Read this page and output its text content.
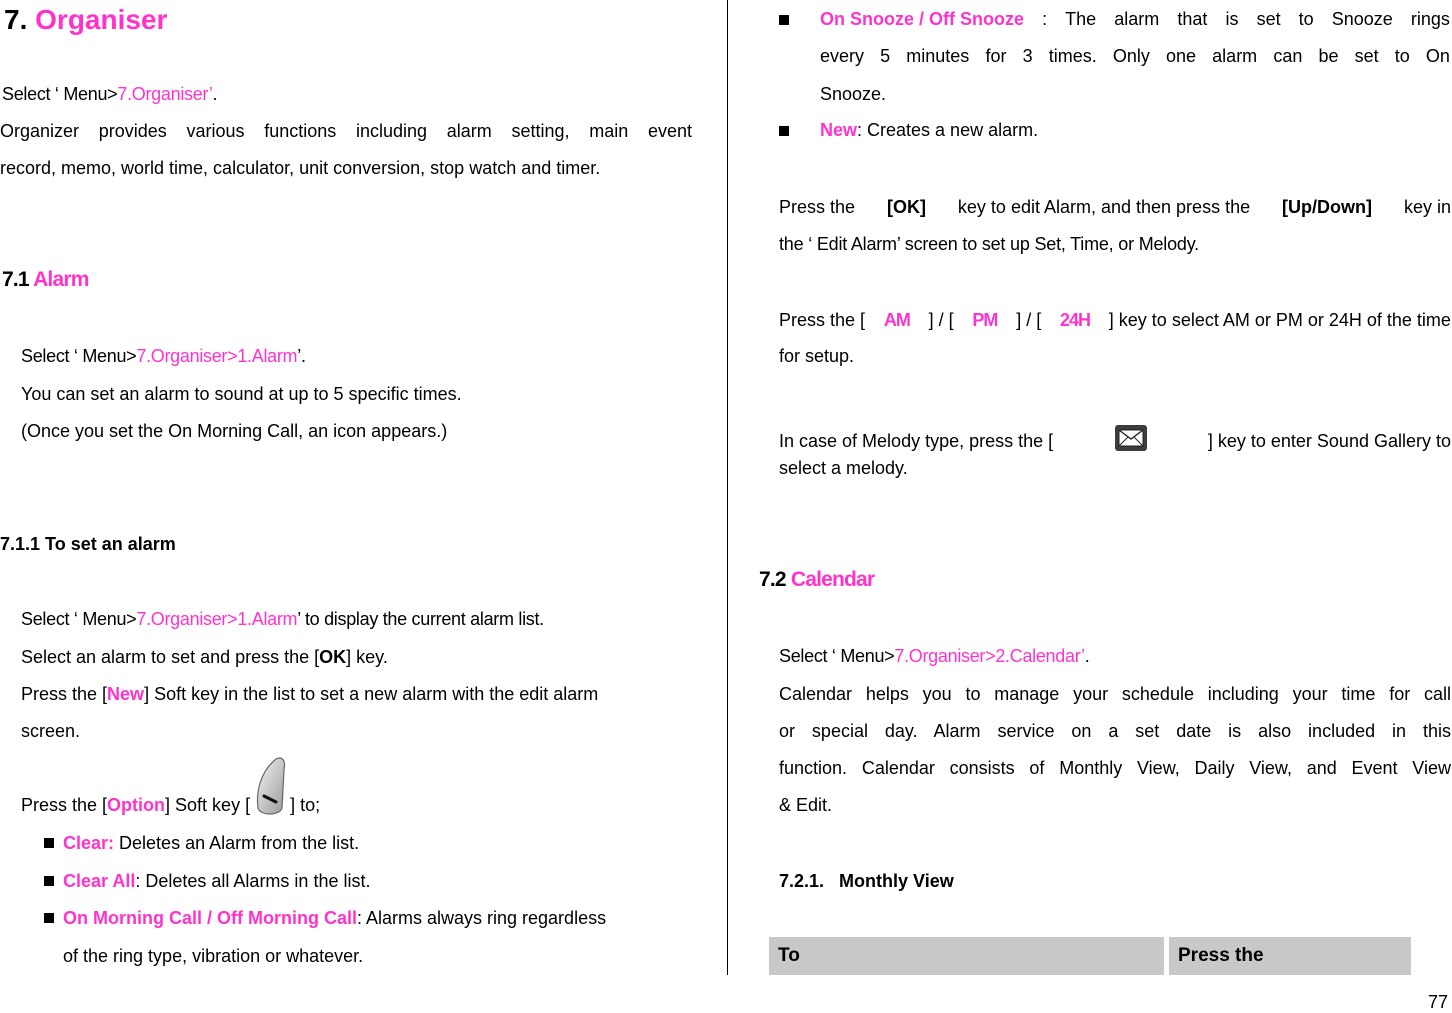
7. Organiser
Select ‘ Menu>7.Organiser’.
Organizer provides various functions including alarm setting, main event
record, memo, world time, calculator, unit conversion, stop watch and timer.
7.1 Alarm
Select ‘ Menu>7.Organiser>1.Alarm’.
You can set an alarm to sound at up to 5 specific times.
(Once you set the On Morning Call, an icon appears.)
7.1.1 To set an alarm
Select ‘ Menu>7.Organiser>1.Alarm’ to display the current alarm list.
Select an alarm to set and press the [OK] key.
Press the [New] Soft key in the list to set a new alarm with the edit alarm
screen.
Press the [Option] Soft key [ ] to;
Clear: Deletes an Alarm from the list.
Clear All: Deletes all Alarms in the list.
On Morning Call / Off Morning Call: Alarms always ring regardless
of the ring type, vibration or whatever.
On Snooze / Off Snooze : The alarm that is set to Snooze rings
every 5 minutes for 3 times. Only one alarm can be set to On
Snooze.
New: Creates a new alarm.
Press the [OK] key to edit Alarm, and then press the [Up/Down] key in
the ‘ Edit Alarm’ screen to set up Set, Time, or Melody.
Press the [ AM ] / [ PM ] / [ 24H ] key to select AM or PM or 24H of the time
for setup.
In case of Melody type, press the [	] key to enter Sound Gallery to
select a melody.
7.2 Calendar
Select ‘ Menu>7.Organiser>2.Calendar’.
Calendar helps you to manage your schedule including your time for call
or special day. Alarm service on a set date is also included in this
function. Calendar consists of Monthly View, Daily View, and Event View
& Edit.
7.2.1.   Monthly View
To	Press the
77
